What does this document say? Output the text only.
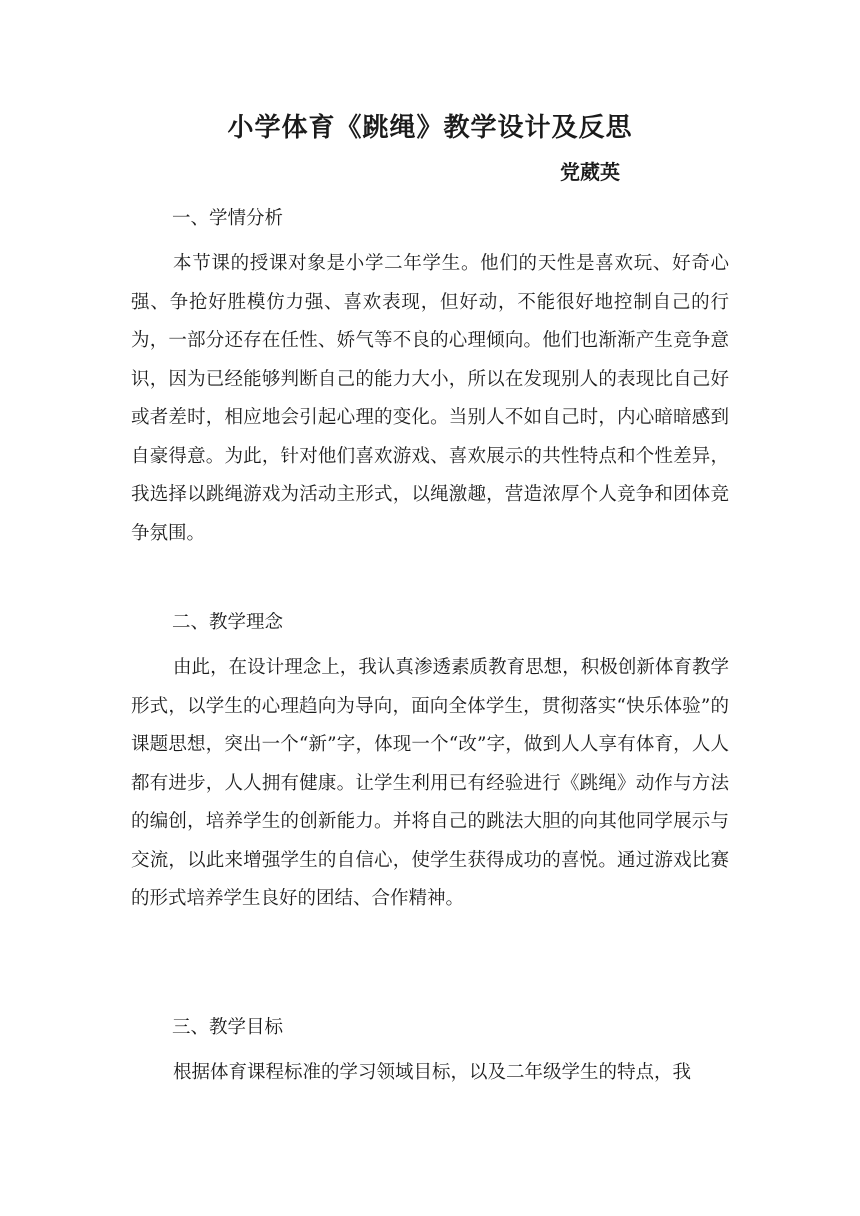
小学体育《跳绳》教学设计及反思
党葳英
一、学情分析
本节课的授课对象是小学二年学生。他们的天性是喜欢玩、好奇心强、争抢好胜模仿力强、喜欢表现，但好动，不能很好地控制自己的行为，一部分还存在任性、娇气等不良的心理倾向。他们也渐渐产生竞争意识，因为已经能够判断自己的能力大小，所以在发现别人的表现比自己好或者差时，相应地会引起心理的变化。当别人不如自己时，内心暗暗感到自豪得意。为此，针对他们喜欢游戏、喜欢展示的共性特点和个性差异，我选择以跳绳游戏为活动主形式，以绳激趣，营造浓厚个人竞争和团体竞争氛围。
二、教学理念
由此，在设计理念上，我认真渗透素质教育思想，积极创新体育教学形式，以学生的心理趋向为导向，面向全体学生，贯彻落实“快乐体验”的课题思想，突出一个“新”字，体现一个“改”字，做到人人享有体育，人人都有进步，人人拥有健康。让学生利用已有经验进行《跳绳》动作与方法的编创，培养学生的创新能力。并将自己的跳法大胆的向其他同学展示与交流，以此来增强学生的自信心，使学生获得成功的喜悦。通过游戏比赛的形式培养学生良好的团结、合作精神。
三、教学目标
根据体育课程标准的学习领域目标，以及二年级学生的特点，我
